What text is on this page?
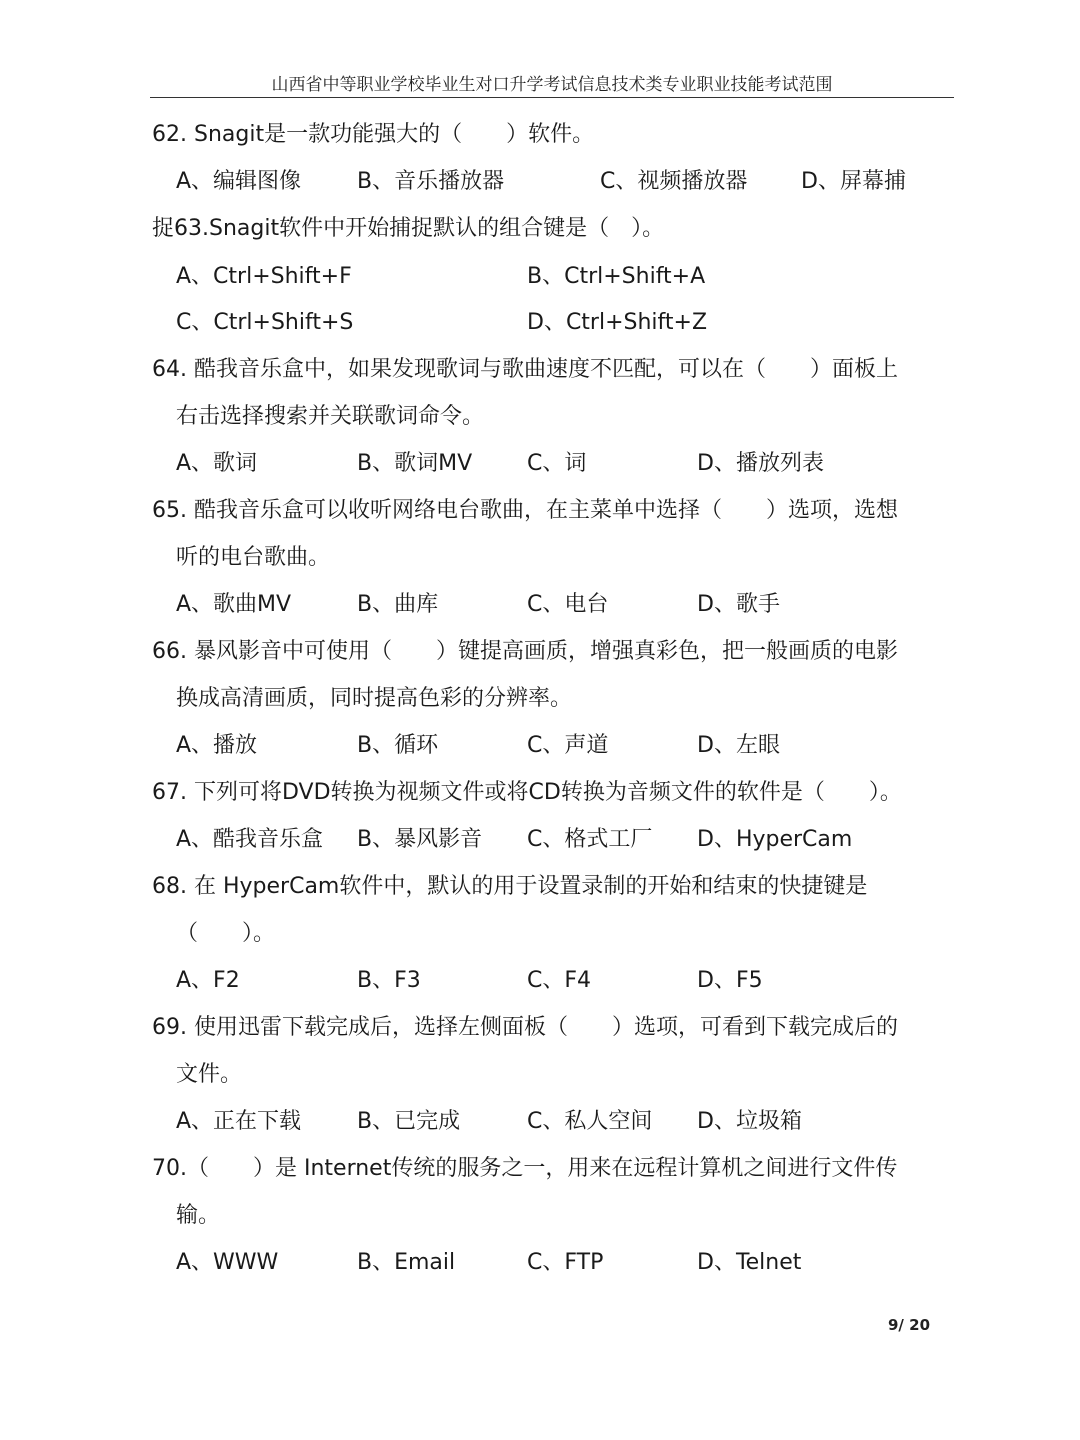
山西省中等职业学校毕业生对口升学考试信息技术类专业职业技能考试范围
62. Snagit是一款功能强大的（　　）软件。
A、编辑图像	B、音乐播放器	C、视频播放器 D、屏幕捕
捉63.Snagit软件中开始捕捉默认的组合键是（　）。
A、Ctrl+Shift+F	B、Ctrl+Shift+A
C、Ctrl+Shift+S	D、Ctrl+Shift+Z
64. 酷我音乐盒中，如果发现歌词与歌曲速度不匹配，可以在（　　）面板上
右击选择搜索并关联歌词命令。
A、歌词	B、歌词MV C、词	D、播放列表
65. 酷我音乐盒可以收听网络电台歌曲，在主菜单中选择（　　）选项，选想
听的电台歌曲。
A、歌曲MV	B、曲库	C、电台	D、歌手
66. 暴风影音中可使用（　　）键提高画质，增强真彩色，把一般画质的电影
换成高清画质，同时提高色彩的分辨率。
A、播放	B、循环	C、声道	D、左眼
67. 下列可将DVD转换为视频文件或将CD转换为音频文件的软件是（　　）。
A、酷我音乐盒 B、暴风影音 C、格式工厂 D、HyperCam
68. 在 HyperCam软件中，默认的用于设置录制的开始和结束的快捷键是
（　　）。
A、F2	B、F3	C、F4	D、F5
69. 使用迅雷下载完成后，选择左侧面板（　　）选项，可看到下载完成后的
文件。
A、正在下载	B、已完成	C、私人空间 D、垃圾箱
70.（　　）是 Internet传统的服务之一，用来在远程计算机之间进行文件传
输。
A、WWW	B、Email	C、FTP	D、Telnet
9/ 20
